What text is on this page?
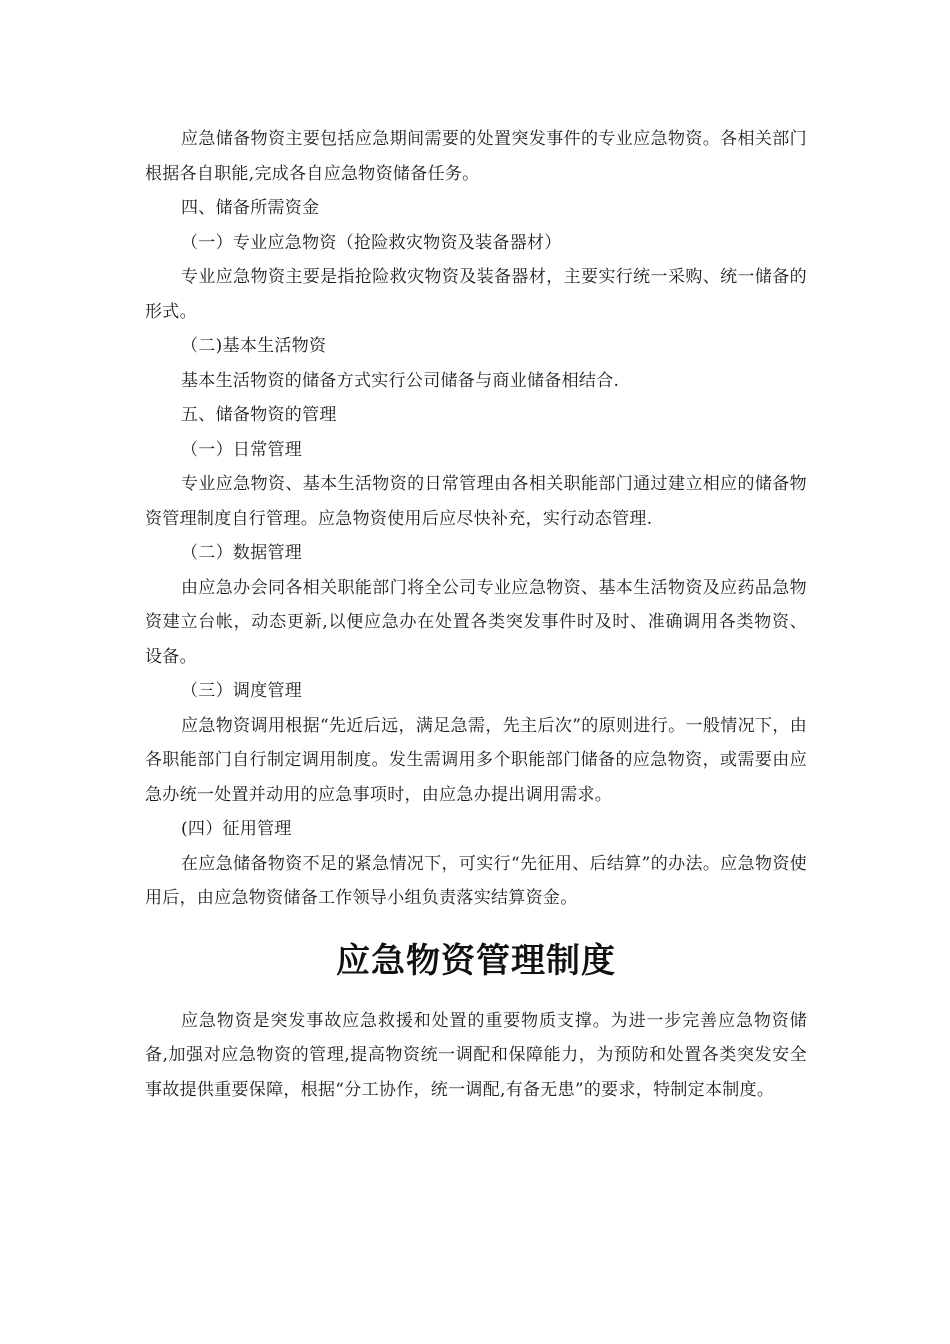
应急储备物资主要包括应急期间需要的处置突发事件的专业应急物资。各相关部门根据各自职能,完成各自应急物资储备任务。

四、储备所需资金

（一）专业应急物资（抢险救灾物资及装备器材）

专业应急物资主要是指抢险救灾物资及装备器材，主要实行统一采购、统一储备的形式。

（二)基本生活物资

基本生活物资的储备方式实行公司储备与商业储备相结合.

五、储备物资的管理

（一）日常管理

专业应急物资、基本生活物资的日常管理由各相关职能部门通过建立相应的储备物资管理制度自行管理。应急物资使用后应尽快补充，实行动态管理.

（二）数据管理

由应急办会同各相关职能部门将全公司专业应急物资、基本生活物资及应药品急物资建立台帐，动态更新,以便应急办在处置各类突发事件时及时、准确调用各类物资、设备。

（三）调度管理

应急物资调用根据“先近后远，满足急需，先主后次”的原则进行。一般情况下，由各职能部门自行制定调用制度。发生需调用多个职能部门储备的应急物资，或需要由应急办统一处置并动用的应急事项时，由应急办提出调用需求。

(四）征用管理

在应急储备物资不足的紧急情况下，可实行“先征用、后结算”的办法。应急物资使用后，由应急物资储备工作领导小组负责落实结算资金。

应急物资管理制度

应急物资是突发事故应急救援和处置的重要物质支撑。为进一步完善应急物资储备,加强对应急物资的管理,提高物资统一调配和保障能力，为预防和处置各类突发安全事故提供重要保障，根据“分工协作，统一调配,有备无患”的要求，特制定本制度。
